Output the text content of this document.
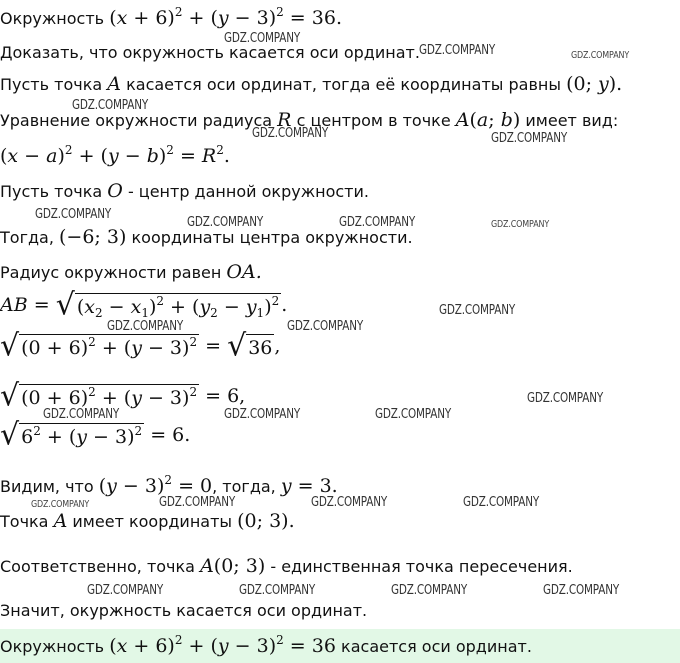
Окружность $(x + 6)^2 + (y - 3)^2 = 36$.
Доказать, что окружность касается оси ординат.
Пусть точка A касается оси ординат, тогда её координаты равны (0; y).
Уравнение окружности радиуса R с центром в точке A(a; b) имеет вид:
$(x - a)^2 + (y - b)^2 = R^2$.
Пусть точка O - центр данной окружности.
Тогда, (−6; 3) координаты центра окружности.
Радиус окружности равен OA.
AB = √ $(x_2 - x_1)^2 + (y_2 - y_1)^2$ .
√ $(0 + 6)^2 + (y - 3)^2$ = √ 36 ,
√ $(0 + 6)^2 + (y - 3)^2 = 6$,
√ $6^2 + (y - 3)^2 = 6$.
Видим, что $(y - 3)^2 = 0$, тогда, y = 3.
Точка A имеет координаты (0; 3).
Соответственно, точка A(0; 3) - единственная точка пересечения.
Значит, окуржность касается оси ординат.
Окружность $(x + 6)^2 + (y - 3)^2 = 36$ касается оси ординат.
GDZ.COMPANY
GDZ.COMPANY	GDZ.COMPANY
GDZ.COMPANY
GDZ.COMPANY	GDZ.COMPANY
GDZ.COMPANY
GDZ.COMPANY	GDZ.COMPANY	GDZ.COMPANY
GDZ.COMPANY
GDZ.COMPANY	GDZ.COMPANY
GDZ.COMPANY
GDZ.COMPANY	GDZ.COMPANY	GDZ.COMPANY
GDZ.COMPANY	GDZ.COMPANY	GDZ.COMPANY	GDZ.COMPANY
GDZ.COMPANY	GDZ.COMPANY	GDZ.COMPANY	GDZ.COMPANY
